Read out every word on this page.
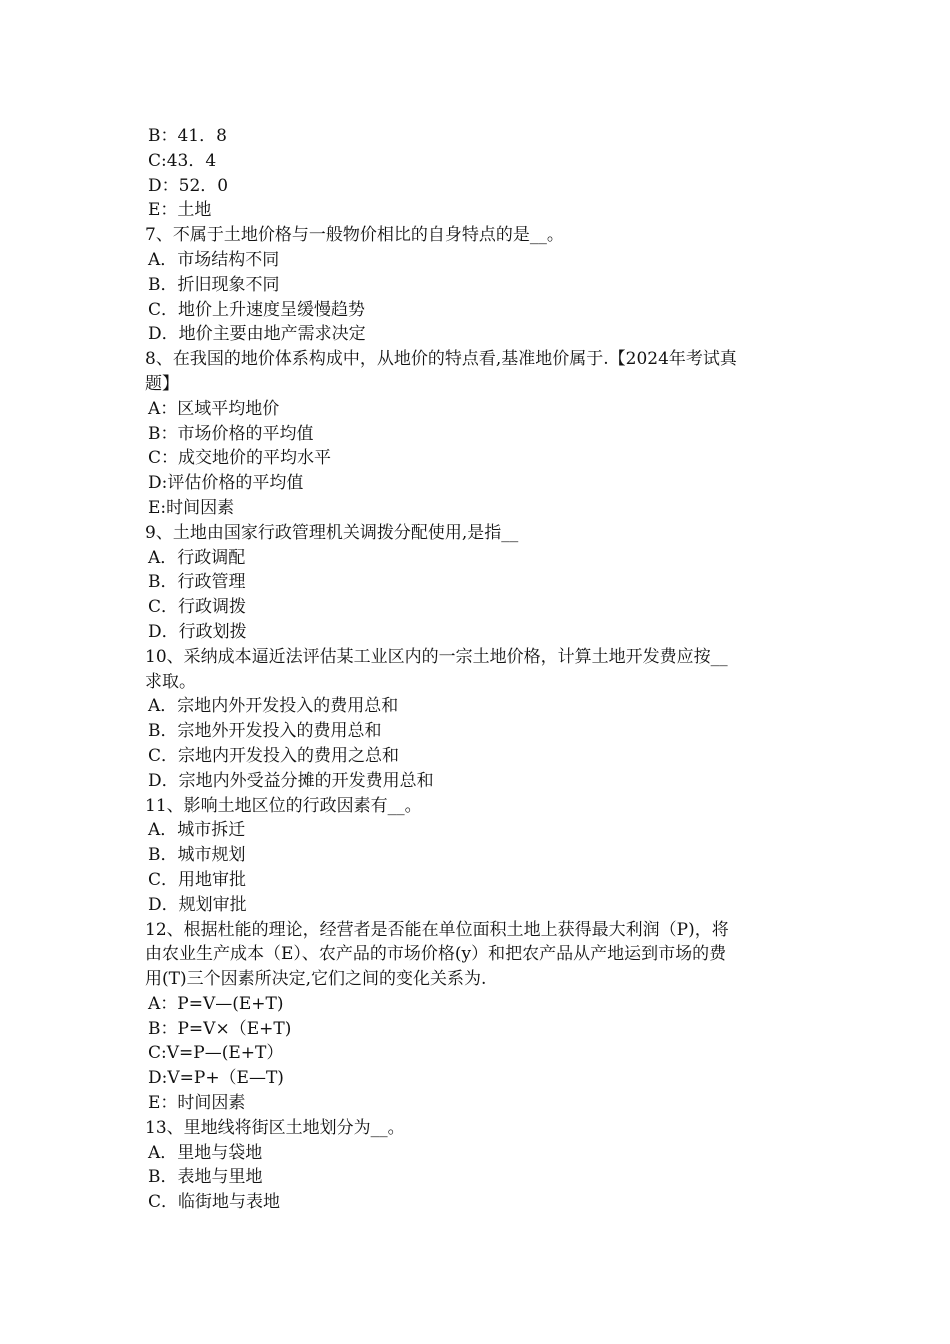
B：41．8

C:43．4

D：52．0

E：土地

7、不属于土地价格与一般物价相比的自身特点的是__。

A．市场结构不同

B．折旧现象不同

C．地价上升速度呈缓慢趋势

D．地价主要由地产需求决定

8、在我国的地价体系构成中，从地价的特点看,基准地价属于.【2024年考试真

题】

A：区域平均地价

B：市场价格的平均值

C：成交地价的平均水平

D:评估价格的平均值

E:时间因素

9、土地由国家行政管理机关调拨分配使用,是指__

A．行政调配

B．行政管理

C．行政调拨

D．行政划拨

10、采纳成本逼近法评估某工业区内的一宗土地价格，计算土地开发费应按__

求取。

A．宗地内外开发投入的费用总和

B．宗地外开发投入的费用总和

C．宗地内开发投入的费用之总和

D．宗地内外受益分摊的开发费用总和

11、影响土地区位的行政因素有__。

A．城市拆迁

B．城市规划

C．用地审批

D．规划审批

12、根据杜能的理论，经营者是否能在单位面积土地上获得最大利润（P)，将

由农业生产成本（E）、农产品的市场价格(y）和把农产品从产地运到市场的费

用(T)三个因素所决定,它们之间的变化关系为.

A：P=V—(E+T)

B：P=V×（E+T)

C:V=P—(E+T）

D:V=P+（E—T)

E：时间因素

13、里地线将街区土地划分为__。

A．里地与袋地

B．表地与里地

C．临街地与表地
